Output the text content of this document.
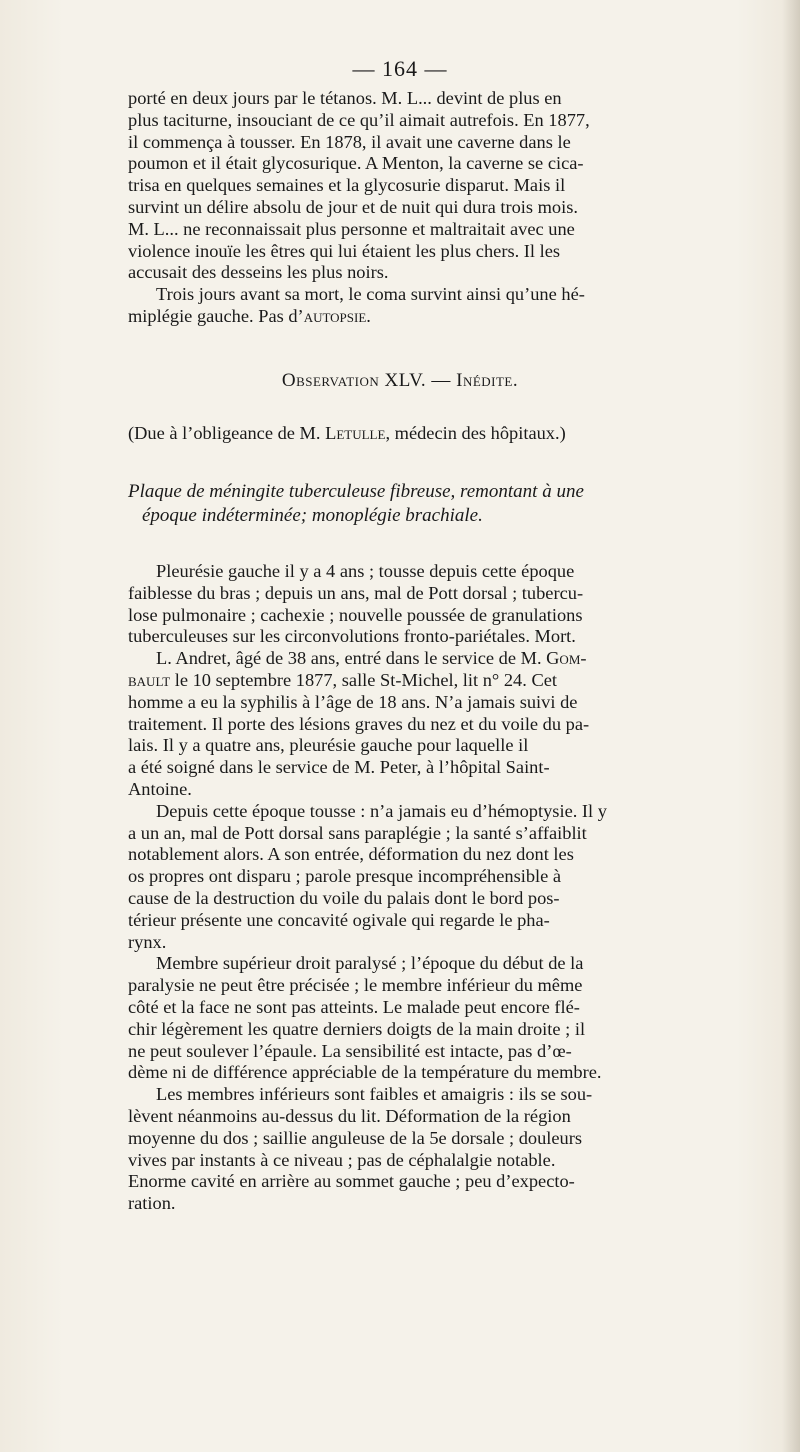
— 164 —

porté en deux jours par le tétanos. M. L... devint de plus en

plus taciturne, insouciant de ce qu’il aimait autrefois. En 1877,

il commença à tousser. En 1878, il avait une caverne dans le

poumon et il était glycosurique. A Menton, la caverne se cica-

trisa en quelques semaines et la glycosurie disparut. Mais il

survint un délire absolu de jour et de nuit qui dura trois mois.

M. L... ne reconnaissait plus personne et maltraitait avec une

violence inouïe les êtres qui lui étaient les plus chers. Il les

accusait des desseins les plus noirs.

Trois jours avant sa mort, le coma survint ainsi qu’une hé-

miplégie gauche. Pas d’autopsie.

Observation XLV. — Inédite.
(Due à l’obligeance de M. Letulle, médecin des hôpitaux.)
Plaque de méningite tuberculeuse fibreuse, remontant à une
époque indéterminée; monoplégie brachiale.

Pleurésie gauche il y a 4 ans ; tousse depuis cette époque

faiblesse du bras ; depuis un ans, mal de Pott dorsal ; tubercu-

lose pulmonaire ; cachexie ; nouvelle poussée de granulations

tuberculeuses sur les circonvolutions fronto-pariétales. Mort.

L. Andret, âgé de 38 ans, entré dans le service de M. Gom-

bault le 10 septembre 1877, salle St-Michel, lit n° 24. Cet

homme a eu la syphilis à l’âge de 18 ans. N’a jamais suivi de

traitement. Il porte des lésions graves du nez et du voile du pa-

lais. Il y a quatre ans, pleurésie gauche pour laquelle il

a été soigné dans le service de M. Peter, à l’hôpital Saint-

Antoine.

Depuis cette époque tousse : n’a jamais eu d’hémoptysie. Il y

a un an, mal de Pott dorsal sans paraplégie ; la santé s’affaiblit

notablement alors. A son entrée, déformation du nez dont les

os propres ont disparu ; parole presque incompréhensible à

cause de la destruction du voile du palais dont le bord pos-

térieur présente une concavité ogivale qui regarde le pha-

rynx.

Membre supérieur droit paralysé ; l’époque du début de la

paralysie ne peut être précisée ; le membre inférieur du même

côté et la face ne sont pas atteints. Le malade peut encore flé-

chir légèrement les quatre derniers doigts de la main droite ; il

ne peut soulever l’épaule. La sensibilité est intacte, pas d’œ-

dème ni de différence appréciable de la température du membre.

Les membres inférieurs sont faibles et amaigris : ils se sou-

lèvent néanmoins au-dessus du lit. Déformation de la région

moyenne du dos ; saillie anguleuse de la 5e dorsale ; douleurs

vives par instants à ce niveau ; pas de céphalalgie notable.

Enorme cavité en arrière au sommet gauche ; peu d’expecto-

ration.
